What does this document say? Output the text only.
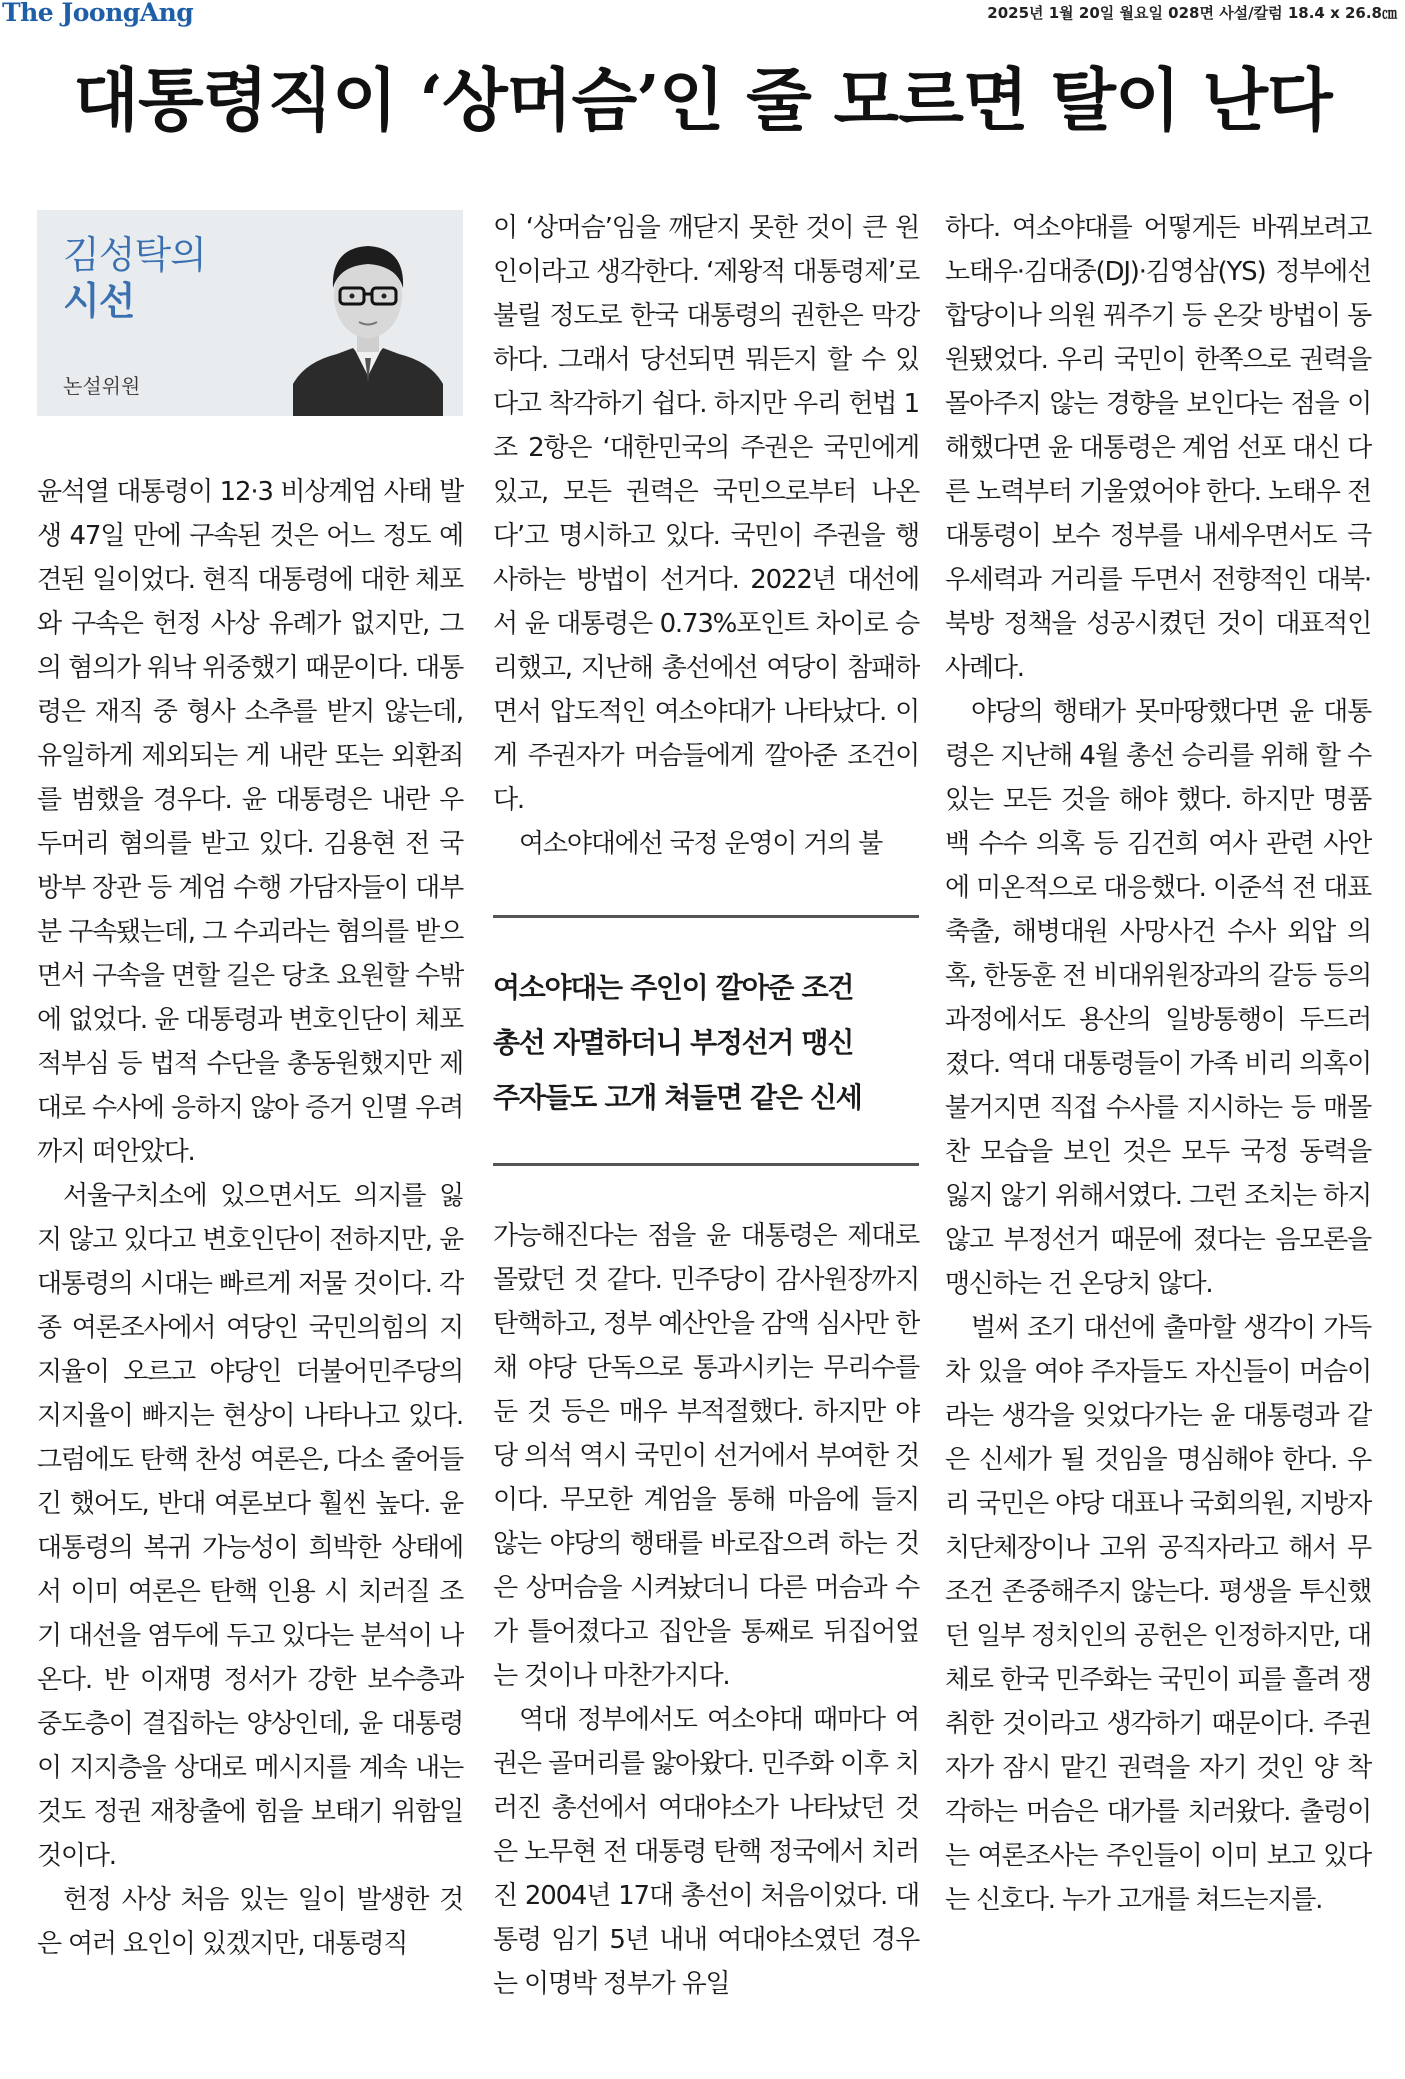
The JoongAng	2025년 1월 20일 월요일 028면 사설/칼럼 18.4 x 26.8㎝
대통령직이 ‘상머슴’인 줄 모르면 탈이 난다
김성탁의
시선
논설위원

윤석열 대통령이 12·3 비상계엄 사태 발생 47일 만에 구속된 것은 어느 정도 예견된 일이었다. 현직 대통령에 대한 체포와 구속은 헌정 사상 유례가 없지만, 그의 혐의가 워낙 위중했기 때문이다. 대통령은 재직 중 형사 소추를 받지 않는데, 유일하게 제외되는 게 내란 또는 외환죄를 범했을 경우다. 윤 대통령은 내란 우두머리 혐의를 받고 있다. 김용현 전 국방부 장관 등 계엄 수행 가담자들이 대부분 구속됐는데, 그 수괴라는 혐의를 받으면서 구속을 면할 길은 당초 요원할 수밖에 없었다. 윤 대통령과 변호인단이 체포 적부심 등 법적 수단을 총동원했지만 제대로 수사에 응하지 않아 증거 인멸 우려까지 떠안았다.

서울구치소에 있으면서도 의지를 잃지 않고 있다고 변호인단이 전하지만, 윤 대통령의 시대는 빠르게 저물 것이다. 각종 여론조사에서 여당인 국민의힘의 지지율이 오르고 야당인 더불어민주당의 지지율이 빠지는 현상이 나타나고 있다. 그럼에도 탄핵 찬성 여론은, 다소 줄어들긴 했어도, 반대 여론보다 훨씬 높다. 윤 대통령의 복귀 가능성이 희박한 상태에서 이미 여론은 탄핵 인용 시 치러질 조기 대선을 염두에 두고 있다는 분석이 나온다. 반 이재명 정서가 강한 보수층과 중도층이 결집하는 양상인데, 윤 대통령이 지지층을 상대로 메시지를 계속 내는 것도 정권 재창출에 힘을 보태기 위함일 것이다.

헌정 사상 처음 있는 일이 발생한 것은 여러 요인이 있겠지만, 대통령직

이 ‘상머슴’임을 깨닫지 못한 것이 큰 원인이라고 생각한다. ‘제왕적 대통령제’로 불릴 정도로 한국 대통령의 권한은 막강하다. 그래서 당선되면 뭐든지 할 수 있다고 착각하기 쉽다. 하지만 우리 헌법 1조 2항은 ‘대한민국의 주권은 국민에게 있고, 모든 권력은 국민으로부터 나온다’고 명시하고 있다. 국민이 주권을 행사하는 방법이 선거다. 2022년 대선에서 윤 대통령은 0.73%포인트 차이로 승리했고, 지난해 총선에선 여당이 참패하면서 압도적인 여소야대가 나타났다. 이게 주권자가 머슴들에게 깔아준 조건이다.

여소야대에선 국정 운영이 거의 불

여소야대는 주인이 깔아준 조건
총선 자멸하더니 부정선거 맹신
주자들도 고개 쳐들면 같은 신세

가능해진다는 점을 윤 대통령은 제대로 몰랐던 것 같다. 민주당이 감사원장까지 탄핵하고, 정부 예산안을 감액 심사만 한 채 야당 단독으로 통과시키는 무리수를 둔 것 등은 매우 부적절했다. 하지만 야당 의석 역시 국민이 선거에서 부여한 것이다. 무모한 계엄을 통해 마음에 들지 않는 야당의 행태를 바로잡으려 하는 것은 상머슴을 시켜놨더니 다른 머슴과 수가 틀어졌다고 집안을 통째로 뒤집어엎는 것이나 마찬가지다.

역대 정부에서도 여소야대 때마다 여권은 골머리를 앓아왔다. 민주화 이후 치러진 총선에서 여대야소가 나타났던 것은 노무현 전 대통령 탄핵 정국에서 치러진 2004년 17대 총선이 처음이었다. 대통령 임기 5년 내내 여대야소였던 경우는 이명박 정부가 유일

하다. 여소야대를 어떻게든 바꿔보려고 노태우·김대중(DJ)·김영삼(YS) 정부에선 합당이나 의원 꿔주기 등 온갖 방법이 동원됐었다. 우리 국민이 한쪽으로 권력을 몰아주지 않는 경향을 보인다는 점을 이해했다면 윤 대통령은 계엄 선포 대신 다른 노력부터 기울였어야 한다. 노태우 전 대통령이 보수 정부를 내세우면서도 극우세력과 거리를 두면서 전향적인 대북·북방 정책을 성공시켰던 것이 대표적인 사례다.

야당의 행태가 못마땅했다면 윤 대통령은 지난해 4월 총선 승리를 위해 할 수 있는 모든 것을 해야 했다. 하지만 명품백 수수 의혹 등 김건희 여사 관련 사안에 미온적으로 대응했다. 이준석 전 대표 축출, 해병대원 사망사건 수사 외압 의혹, 한동훈 전 비대위원장과의 갈등 등의 과정에서도 용산의 일방통행이 두드러졌다. 역대 대통령들이 가족 비리 의혹이 불거지면 직접 수사를 지시하는 등 매몰찬 모습을 보인 것은 모두 국정 동력을 잃지 않기 위해서였다. 그런 조치는 하지 않고 부정선거 때문에 졌다는 음모론을 맹신하는 건 온당치 않다.

벌써 조기 대선에 출마할 생각이 가득 차 있을 여야 주자들도 자신들이 머슴이라는 생각을 잊었다가는 윤 대통령과 같은 신세가 될 것임을 명심해야 한다. 우리 국민은 야당 대표나 국회의원, 지방자치단체장이나 고위 공직자라고 해서 무조건 존중해주지 않는다. 평생을 투신했던 일부 정치인의 공헌은 인정하지만, 대체로 한국 민주화는 국민이 피를 흘려 쟁취한 것이라고 생각하기 때문이다. 주권자가 잠시 맡긴 권력을 자기 것인 양 착각하는 머슴은 대가를 치러왔다. 출렁이는 여론조사는 주인들이 이미 보고 있다는 신호다. 누가 고개를 쳐드는지를.
